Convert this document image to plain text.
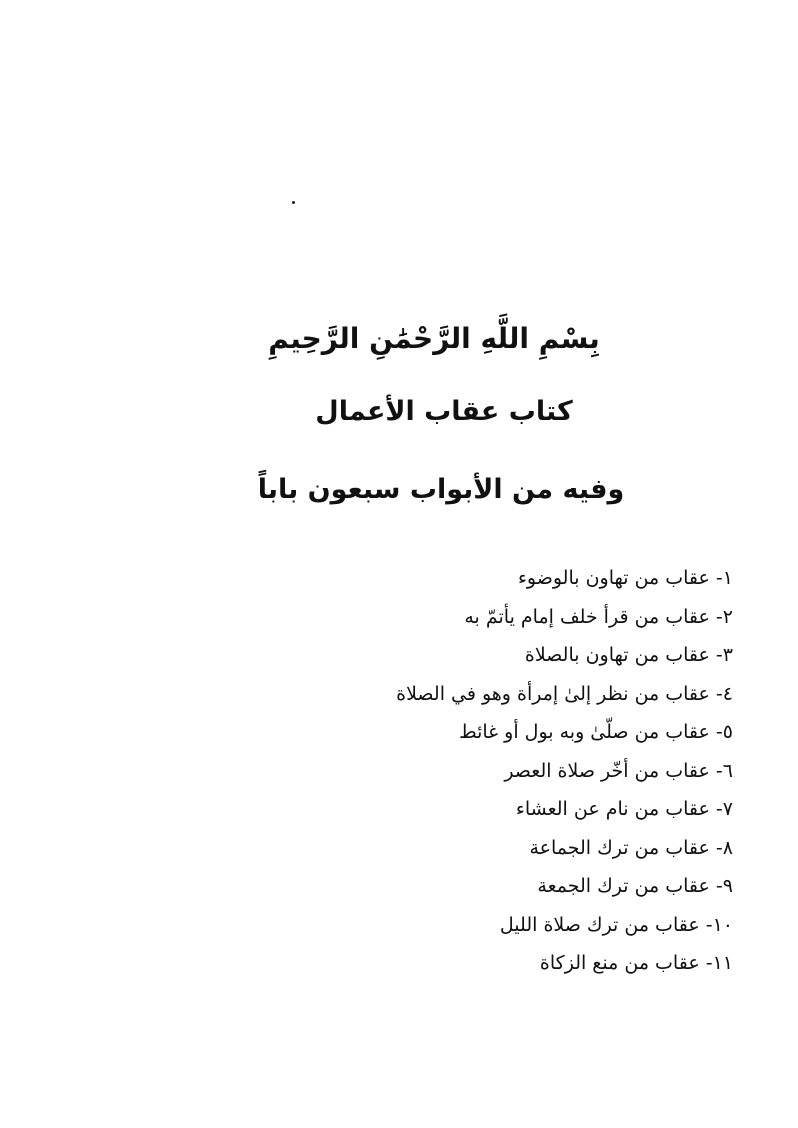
بِسْمِ اللَّهِ الرَّحْمَٰنِ الرَّحِيمِ
كتاب عقاب الأعمال
وفيه من الأبواب سبعون باباً
١- عقاب من تهاون بالوضوء
٢- عقاب من قرأ خلف إمام يأتمّ به
٣- عقاب من تهاون بالصلاة
٤- عقاب من نظر إلىٰ إمرأة وهو في الصلاة
٥- عقاب من صلّىٰ وبه بول أو غائط
٦- عقاب من أخّر صلاة العصر
٧- عقاب من نام عن العشاء
٨- عقاب من ترك الجماعة
٩- عقاب من ترك الجمعة
١٠- عقاب من ترك صلاة الليل
١١- عقاب من منع الزكاة
